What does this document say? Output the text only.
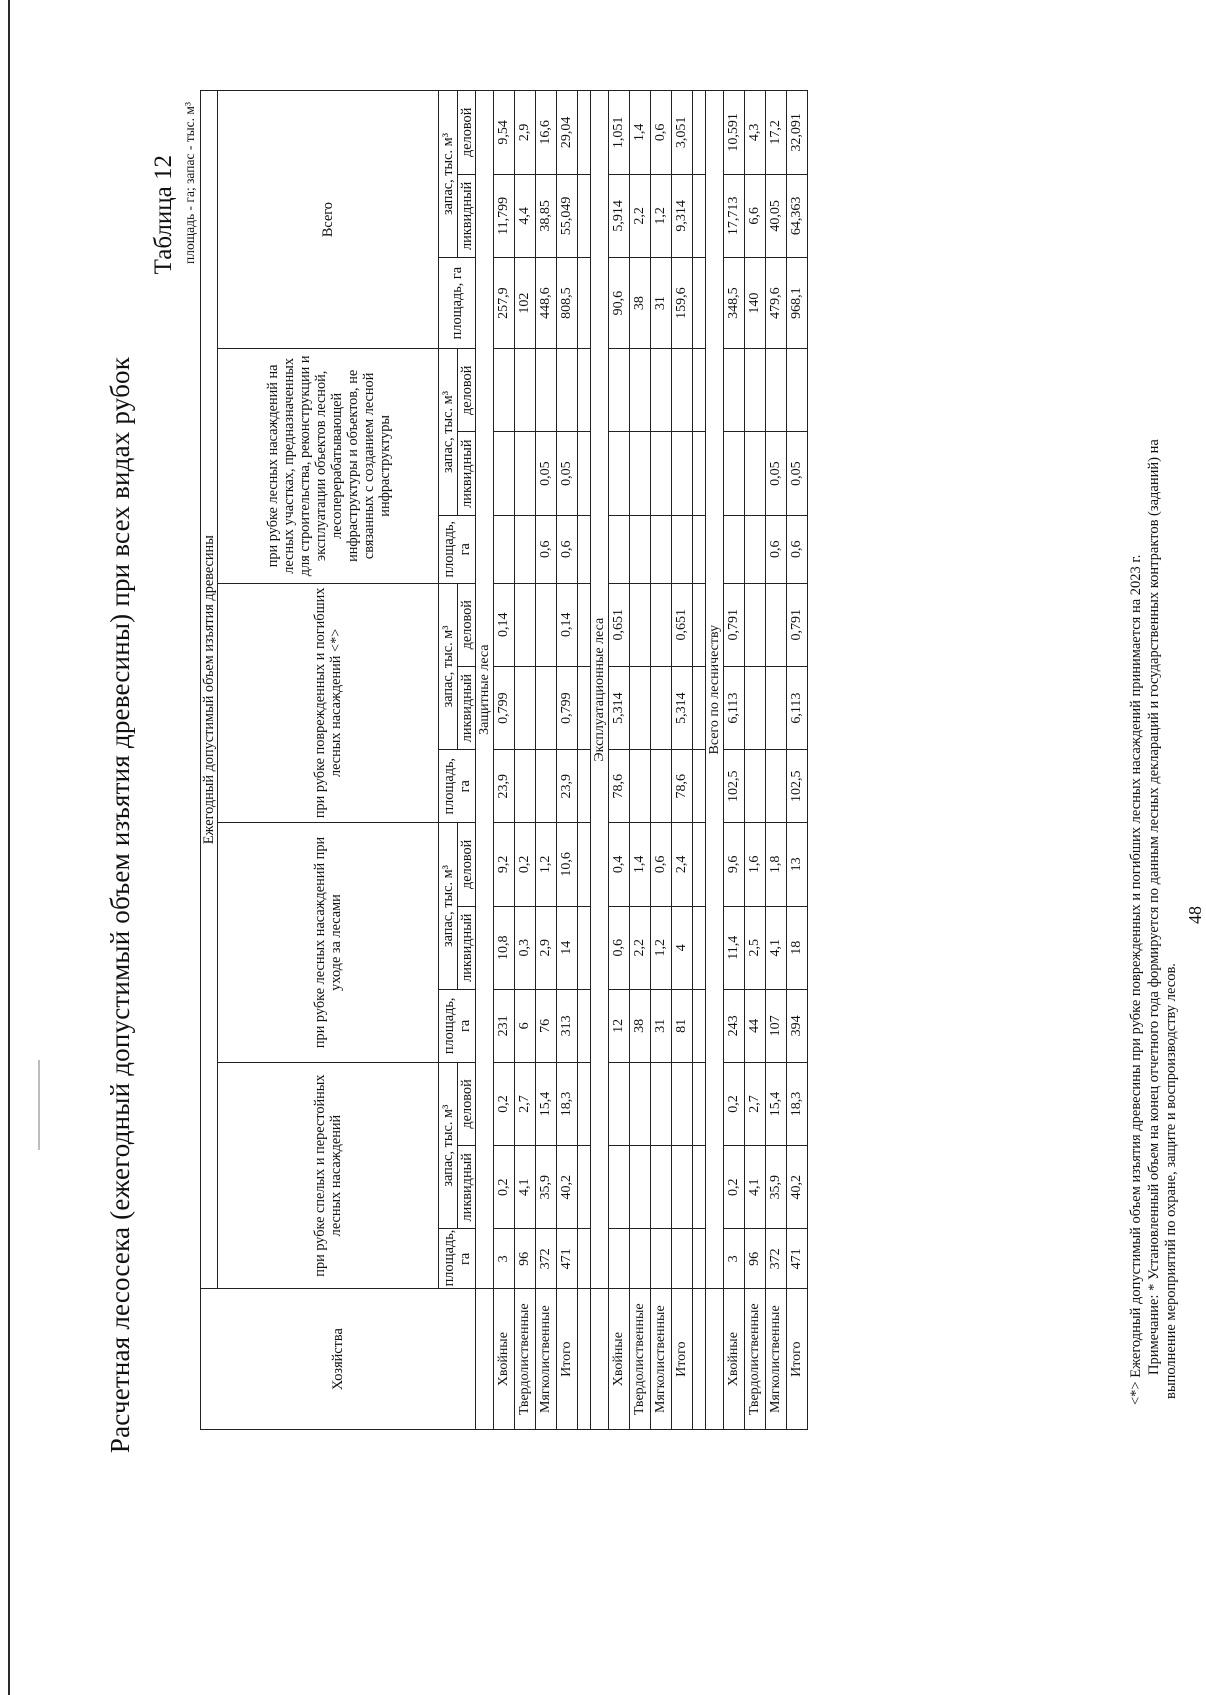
Расчетная лесосека (ежегодный допустимый объем изъятия древесины) при всех видах рубок
Таблица 12 площадь - га; запас - тыс. м³
Хозяйства	Ежегодный допустимый объем изъятия древесины														
	при рубке спелых и перестойных лесных насаждений			при рубке лесных насаждений при уходе за лесами			при рубке поврежденных и погибших лесных насаждений <*>			при рубке лесных насаждений на лесных участках, предназначенных для строительства, реконструкции и эксплуатации объектов лесной, лесоперерабатывающей инфраструктуры и объектов, не связанных с созданием лесной инфраструктуры			Всего		
	площадь, га	запас, тыс. м³		площадь, га	запас, тыс. м³		площадь, га	запас, тыс. м³		площадь, га	запас, тыс. м³		площадь, га	запас, тыс. м³	
		ликвидный	деловой		ликвидный	деловой		ликвидный	деловой		ликвидный	деловой		ликвидный	деловой
	Защитные леса														
Хвойные	3	0,2	0,2	231	10,8	9,2	23,9	0,799	0,14				257,9	11,799	9,54
Твердолиственные	96	4,1	2,7	6	0,3	0,2							102	4,4	2,9
Мягколиственные	372	35,9	15,4	76	2,9	1,2				0,6	0,05		448,6	38,85	16,6
Итого	471	40,2	18,3	313	14	10,6	23,9	0,799	0,14	0,6	0,05		808,5	55,049	29,04

	Эксплуатационные леса														
Хвойные				12	0,6	0,4	78,6	5,314	0,651				90,6	5,914	1,051
Твердолиственные				38	2,2	1,4							38	2,2	1,4
Мягколиственные				31	1,2	0,6							31	1,2	0,6
Итого				81	4	2,4	78,6	5,314	0,651				159,6	9,314	3,051

	Всего по лесничеству														
Хвойные	3	0,2	0,2	243	11,4	9,6	102,5	6,113	0,791				348,5	17,713	10,591
Твердолиственные	96	4,1	2,7	44	2,5	1,6							140	6,6	4,3
Мягколиственные	372	35,9	15,4	107	4,1	1,8				0,6	0,05		479,6	40,05	17,2
Итого	471	40,2	18,3	394	18	13	102,5	6,113	0,791	0,6	0,05		968,1	64,363	32,091
48
<*> Ежегодный допустимый объем изъятия древесины при рубке поврежденных и погибших лесных насаждений принимается на 2023 г. Примечание: * Установленный объем на конец отчетного года формируется по данным лесных деклараций и государственных контрактов (заданий) на выполнение мероприятий по охране, защите и воспроизводству лесов.
